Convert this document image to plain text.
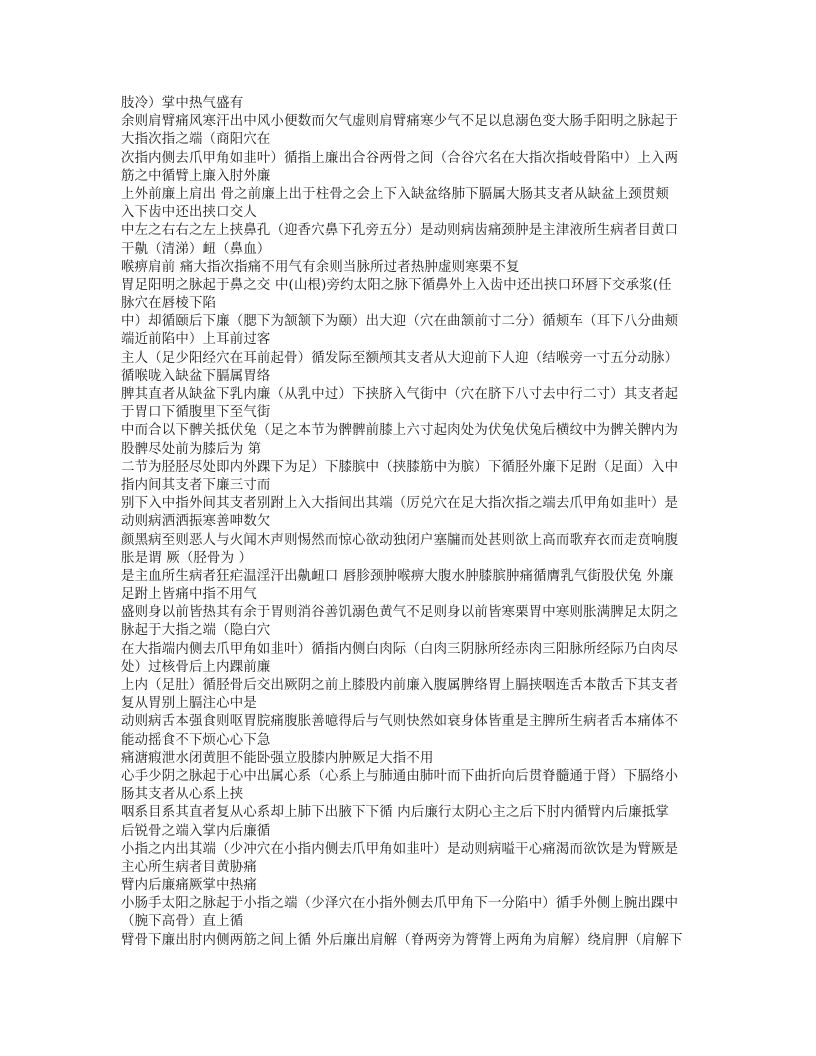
肢冷）掌中热气盛有
余则肩臂痛风寒汗出中风小便数而欠气虚则肩臂痛寒少气不足以息溺色变大肠手阳明之脉起于
大指次指之端（商阳穴在
次指内侧去爪甲角如韭叶）循指上廉出合谷两骨之间（合谷穴名在大指次指岐骨陷中）上入两
筋之中循臂上廉入肘外廉
上外前廉上肩出 骨之前廉上出于柱骨之会上下入缺盆络肺下膈属大肠其支者从缺盆上颈贯颊
入下齿中还出挟口交人
中左之右右之左上挟鼻孔（迎香穴鼻下孔旁五分）是动则病齿痛颈肿是主津液所生病者目黄口
干鼽（清涕）衄（鼻血）
喉痹肩前 痛大指次指痛不用气有余则当脉所过者热肿虚则寒栗不复
胃足阳明之脉起于鼻之交 中(山根)旁约太阳之脉下循鼻外上入齿中还出挟口环唇下交承浆(任
脉穴在唇棱下陷
中）却循颐后下廉（腮下为颔颔下为颐）出大迎（穴在曲颔前寸二分）循颊车（耳下八分曲颊
端近前陷中）上耳前过客
主人（足少阳经穴在耳前起骨）循发际至额颅其支者从大迎前下人迎（结喉旁一寸五分动脉）
循喉咙入缺盆下膈属胃络
脾其直者从缺盆下乳内廉（从乳中过）下挟脐入气街中（穴在脐下八寸去中行二寸）其支者起
于胃口下循腹里下至气街
中而合以下髀关抵伏兔（足之本节为髀髀前膝上六寸起肉处为伏兔伏兔后横纹中为髀关髀内为
股髀尽处前为膝后为 第
二节为胫胫尽处即内外踝下为足）下膝膑中（挟膝筋中为膑）下循胫外廉下足跗（足面）入中
指内间其支者下廉三寸而
别下入中指外间其支者别跗上入大指间出其端（厉兑穴在足大指次指之端去爪甲角如韭叶）是
动则病洒洒振寒善呻数欠
颜黑病至则恶人与火闻木声则惕然而惊心欲动独闭户塞牖而处甚则欲上高而歌弃衣而走贲响腹
胀是谓 厥（胫骨为 ）
是主血所生病者狂疟温淫汗出鼽衄口 唇胗颈肿喉痹大腹水肿膝膑肿痛循膺乳气街股伏兔 外廉
足跗上皆痛中指不用气
盛则身以前皆热其有余于胃则消谷善饥溺色黄气不足则身以前皆寒栗胃中寒则胀满脾足太阴之
脉起于大指之端（隐白穴
在大指端内侧去爪甲角如韭叶）循指内侧白肉际（白肉三阴脉所经赤肉三阳脉所经际乃白肉尽
处）过核骨后上内踝前廉
上内（足肚）循胫骨后交出厥阴之前上膝股内前廉入腹属脾络胃上膈挟咽连舌本散舌下其支者
复从胃别上膈注心中是
动则病舌本强食则呕胃脘痛腹胀善噫得后与气则快然如衰身体皆重是主脾所生病者舌本痛体不
能动摇食不下烦心心下急
痛溏瘕泄水闭黄胆不能卧强立股膝内肿厥足大指不用
心手少阴之脉起于心中出属心系（心系上与肺通由肺叶而下曲折向后贯脊髓通于肾）下膈络小
肠其支者从心系上挟
咽系目系其直者复从心系却上肺下出腋下下循 内后廉行太阴心主之后下肘内循臂内后廉抵掌
后锐骨之端入掌内后廉循
小指之内出其端（少冲穴在小指内侧去爪甲角如韭叶）是动则病嗌干心痛渴而欲饮是为臂厥是
主心所生病者目黄胁痛
臂内后廉痛厥掌中热痛
小肠手太阳之脉起于小指之端（少泽穴在小指外侧去爪甲角下一分陷中）循手外侧上腕出踝中
（腕下高骨）直上循
臂骨下廉出肘内侧两筋之间上循 外后廉出肩解（脊两旁为膂膂上两角为肩解）绕肩胛（肩解下
